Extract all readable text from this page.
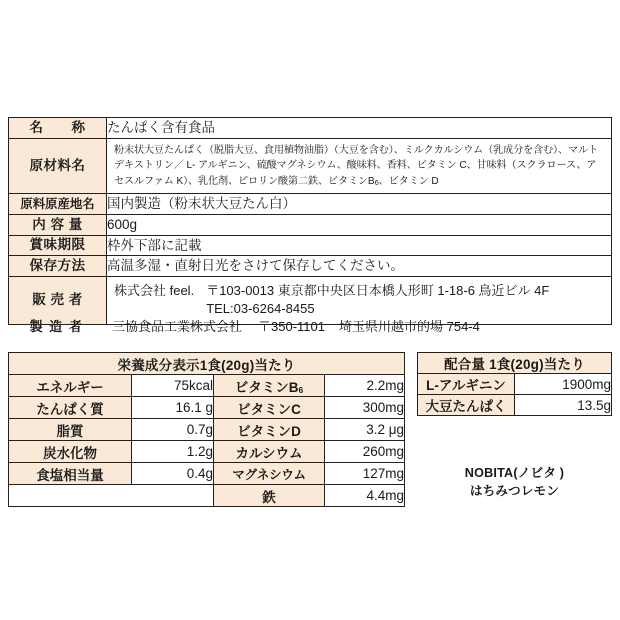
名　　称	たんぱく含有食品
原材料名	粉末状大豆たんぱく（脱脂大豆、食用植物油脂）（大豆を含む）、ミルクカルシウム（乳成分を含む）、マルトデキストリン／ L- アルギニン、硫酸マグネシウム、酸味料、香料、ビタミン C、甘味料（スクラロース、アセスルファム K）、乳化剤、ピロリン酸第二鉄、ビタミン$B_6$、ビタミン D
原料原産地名	国内製造（粉末状大豆たん白）
内 容 量	600g
賞味期限	枠外下部に記載
保存方法	高温多湿・直射日光をさけて保存してください。
販 売 者	株式会社 feel. 〒103-0013 東京都中央区日本橋人形町 1-18-6 鳥近ビル 4F
TEL:03-6264-8455
製 造 者	三協食品工業株式会社	〒350-1101	埼玉県川越市的場 754-4
栄養成分表示1食(20g)当たり			
エネルギー	75kcal	ビタミン$B_6$	2.2mg
たんぱく質	16.1 g	ビタミンC	300mg
脂質	0.7g	ビタミンD	3.2 μg
炭水化物	1.2g	カルシウム	260mg
食塩相当量	0.4g	マグネシウム	127mg
		鉄	4.4mg
配合量 1食(20g)当たり	
L-アルギニン	1900mg
大豆たんぱく	13.5g
NOBITA(ノビタ )
はちみつレモン
